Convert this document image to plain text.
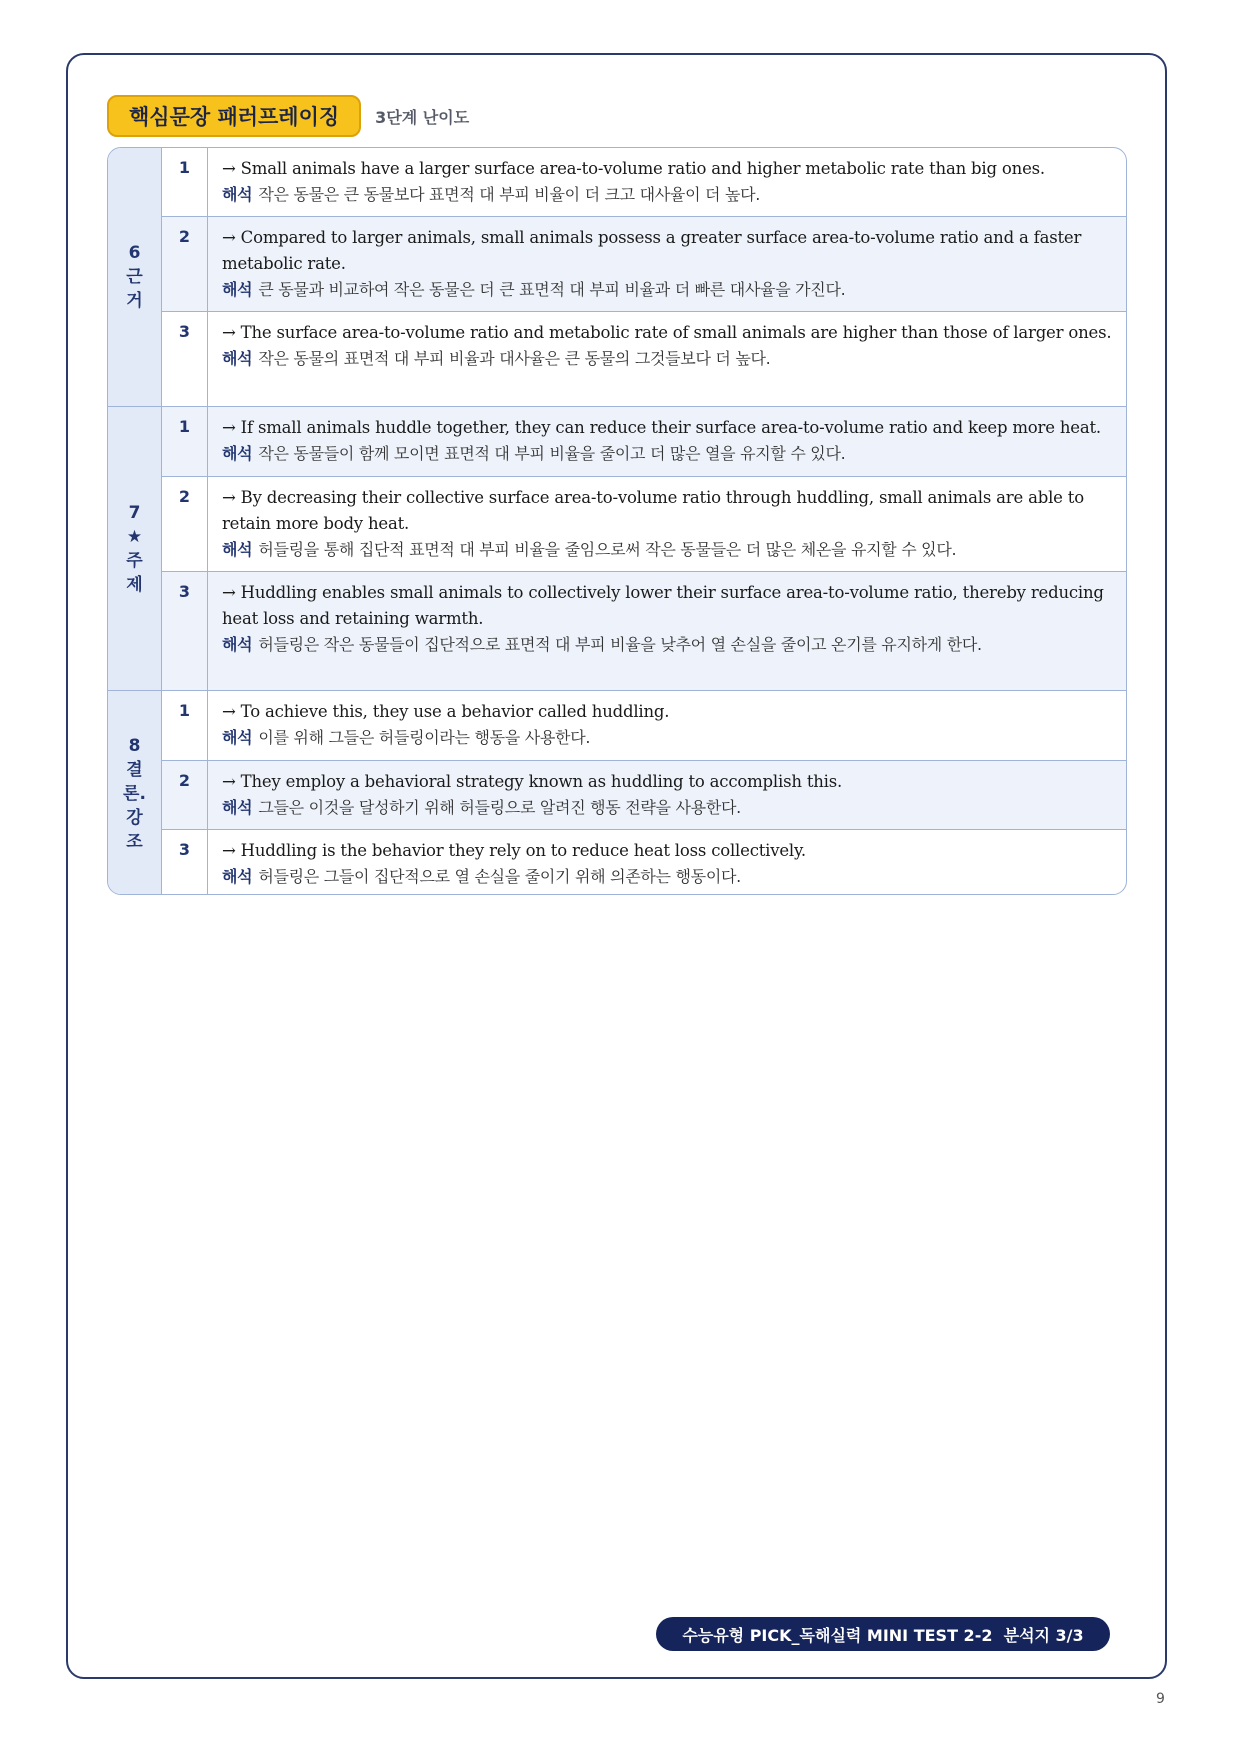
핵심문장 패러프레이징	3단계 난이도
6
근
거
1	→ Small animals have a larger surface area-to-volume ratio and higher metabolic rate than big ones.
해석 작은 동물은 큰 동물보다 표면적 대 부피 비율이 더 크고 대사율이 더 높다.
2	→ Compared to larger animals, small animals possess a greater surface area-to-volume ratio and a faster metabolic rate.
해석 큰 동물과 비교하여 작은 동물은 더 큰 표면적 대 부피 비율과 더 빠른 대사율을 가진다.
3	→ The surface area-to-volume ratio and metabolic rate of small animals are higher than those of larger ones.
해석 작은 동물의 표면적 대 부피 비율과 대사율은 큰 동물의 그것들보다 더 높다.
7
★
주
제
1	→ If small animals huddle together, they can reduce their surface area-to-volume ratio and keep more heat.
해석 작은 동물들이 함께 모이면 표면적 대 부피 비율을 줄이고 더 많은 열을 유지할 수 있다.
2	→ By decreasing their collective surface area-to-volume ratio through huddling, small animals are able to retain more body heat.
해석 허들링을 통해 집단적 표면적 대 부피 비율을 줄임으로써 작은 동물들은 더 많은 체온을 유지할 수 있다.
3	→ Huddling enables small animals to collectively lower their surface area-to-volume ratio, thereby reducing heat loss and retaining warmth.
해석 허들링은 작은 동물들이 집단적으로 표면적 대 부피 비율을 낮추어 열 손실을 줄이고 온기를 유지하게 한다.
8
결
론.
강
조
1	→ To achieve this, they use a behavior called huddling.
해석 이를 위해 그들은 허들링이라는 행동을 사용한다.
2	→ They employ a behavioral strategy known as huddling to accomplish this.
해석 그들은 이것을 달성하기 위해 허들링으로 알려진 행동 전략을 사용한다.
3	→ Huddling is the behavior they rely on to reduce heat loss collectively.
해석 허들링은 그들이 집단적으로 열 손실을 줄이기 위해 의존하는 행동이다.
수능유형 PICK_독해실력 MINI TEST 2-2  분석지 3/3
9
